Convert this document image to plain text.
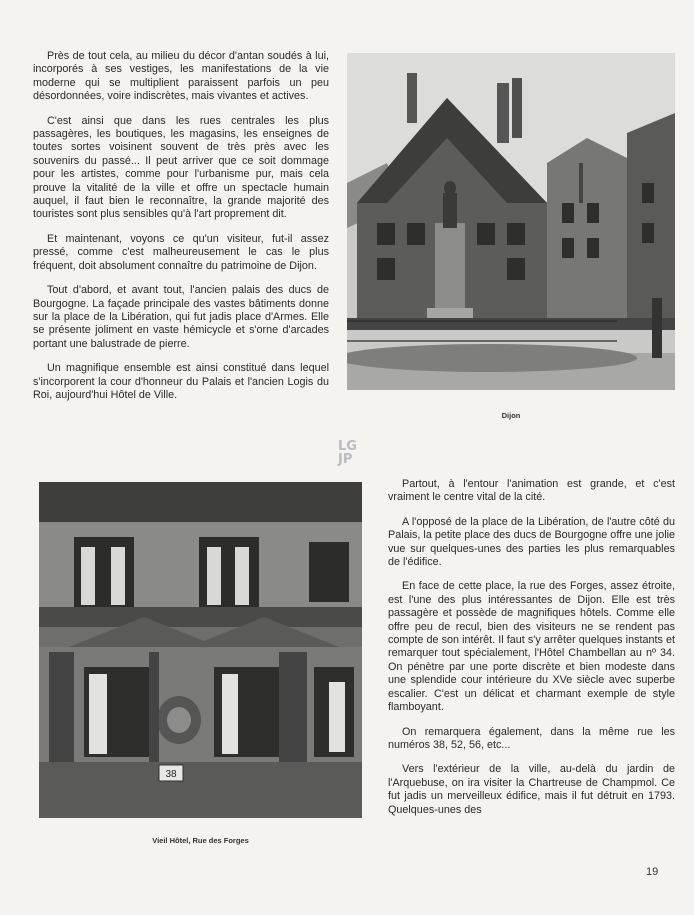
Près de tout cela, au milieu du décor d'antan soudés à lui, incorporés à ses vestiges, les manifestations de la vie moderne qui se multiplient paraissent parfois un peu désordonnées, voire indiscrètes, mais vivantes et actives.

C'est ainsi que dans les rues centrales les plus passagères, les boutiques, les magasins, les enseignes de toutes sortes voisinent souvent de très près avec les souvenirs du passé... Il peut arriver que ce soit dommage pour les artistes, comme pour l'urbanisme pur, mais cela prouve la vitalité de la ville et offre un spectacle humain auquel, il faut bien le reconnaître, la grande majorité des touristes sont plus sensibles qu'à l'art proprement dit.

Et maintenant, voyons ce qu'un visiteur, fut-il assez pressé, comme c'est malheureusement le cas le plus fréquent, doit absolument connaître du patrimoine de Dijon.

Tout d'abord, et avant tout, l'ancien palais des ducs de Bourgogne. La façade principale des vastes bâtiments donne sur la place de la Libération, qui fut jadis place d'Armes. Elle se présente joliment en vaste hémicycle et s'orne d'arcades portant une balustrade de pierre.

Un magnifique ensemble est ainsi constitué dans lequel s'incorporent la cour d'honneur du Palais et l'ancien Logis du Roi, aujourd'hui Hôtel de Ville.

Dijon
LG
JP
38
Vieil Hôtel, Rue des Forges

Partout, à l'entour l'animation est grande, et c'est vraiment le centre vital de la cité.

A l'opposé de la place de la Libération, de l'autre côté du Palais, la petite place des ducs de Bourgogne offre une jolie vue sur quelques-unes des parties les plus remarquables de l'édifice.

En face de cette place, la rue des Forges, assez étroite, est l'une des plus intéressantes de Dijon. Elle est très passagère et possède de magnifiques hôtels. Comme elle offre peu de recul, bien des visiteurs ne se rendent pas compte de son intérêt. Il faut s'y arrêter quelques instants et remarquer tout spécialement, l'Hôtel Chambellan au nº 34. On pénètre par une porte discrète et bien modeste dans une splendide cour intérieure du XVe siècle avec superbe escalier. C'est un délicat et charmant exemple de style flamboyant.

On remarquera également, dans la même rue les numéros 38, 52, 56, etc...

Vers l'extérieur de la ville, au-delà du jardin de l'Arquebuse, on ira visiter la Chartreuse de Champmol. Ce fut jadis un merveilleux édifice, mais il fut détruit en 1793. Quelques-unes des

19
